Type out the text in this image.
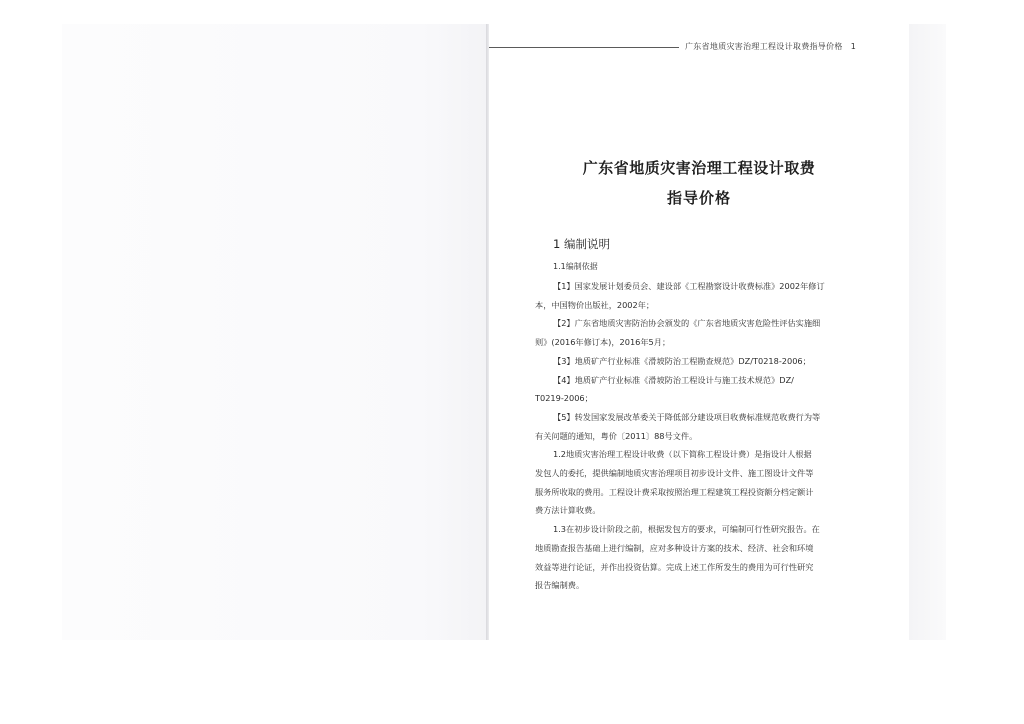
广东省地质灾害治理工程设计取费指导价格 1
广东省地质灾害治理工程设计取费
指导价格
1 编制说明
1.1编制依据
【1】国家发展计划委员会、建设部《工程勘察设计收费标准》2002年修订
本，中国物价出版社，2002年；
【2】广东省地质灾害防治协会颁发的《广东省地质灾害危险性评估实施细
则》(2016年修订本)，2016年5月；
【3】地质矿产行业标准《滑坡防治工程勘查规范》DZ/T0218-2006；
【4】地质矿产行业标准《滑坡防治工程设计与施工技术规范》DZ/
T0219-2006；
【5】转发国家发展改革委关于降低部分建设项目收费标准规范收费行为等
有关问题的通知，粤价〔2011〕88号文件。
1.2地质灾害治理工程设计收费（以下简称工程设计费）是指设计人根据
发包人的委托，提供编制地质灾害治理项目初步设计文件、施工图设计文件等
服务所收取的费用。工程设计费采取按照治理工程建筑工程投资额分档定额计
费方法计算收费。
1.3在初步设计阶段之前，根据发包方的要求，可编制可行性研究报告。在
地质勘查报告基础上进行编制，应对多种设计方案的技术、经济、社会和环境
效益等进行论证，并作出投资估算。完成上述工作所发生的费用为可行性研究
报告编制费。
